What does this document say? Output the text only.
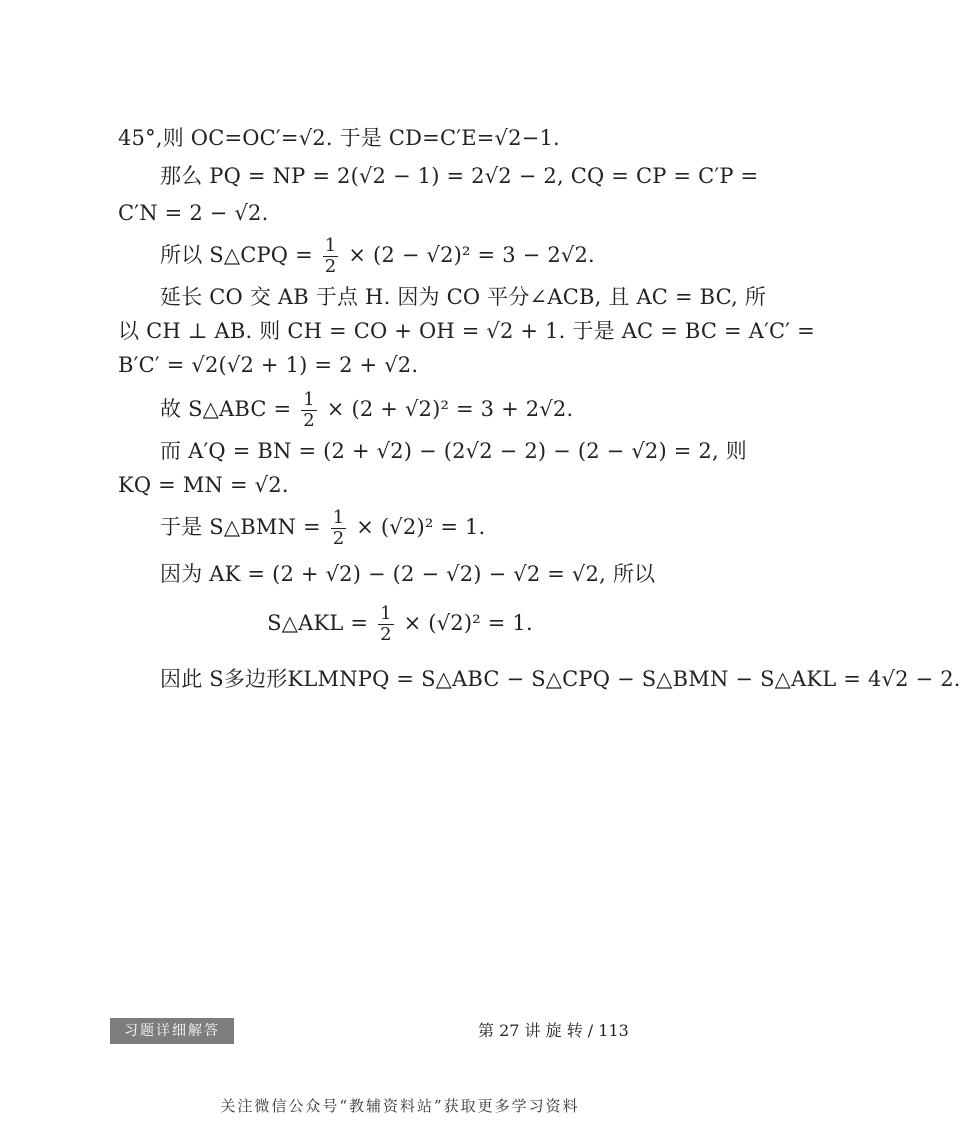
45°,则 OC=OC′=√2. 于是 CD=C′E=√2−1.
那么 PQ = NP = 2(√2 − 1) = 2√2 − 2, CQ = CP = C′P =
C′N = 2 − √2.
所以 S△CPQ = $\frac{1}{2} \times (2 - √2)^2 = 3 - 2√2$.
延长 CO 交 AB 于点 H. 因为 CO 平分∠ACB, 且 AC = BC, 所
以 CH ⊥ AB. 则 CH = CO + OH = √2 + 1. 于是 AC = BC = A′C′ =
B′C′ = √2(√2 + 1) = 2 + √2.
故 S△ABC = $\frac{1}{2} \times (2 + √2)^2 = 3 + 2√2$.
而 A′Q = BN = (2 + √2) − (2√2 − 2) − (2 − √2) = 2, 则
KQ = MN = √2.
于是 S△BMN = $\frac{1}{2} \times (√2)^2 = 1$.
因为 AK = (2 + √2) − (2 − √2) − √2 = √2, 所以
S△AKL = $\frac{1}{2} \times (√2)^2 = 1$.
因此 S多边形KLMNPQ = S△ABC − S△CPQ − S△BMN − S△AKL = 4√2 − 2.
习题详细解答	第 27 讲 旋 转 / 113
关注微信公众号“教辅资料站”获取更多学习资料
